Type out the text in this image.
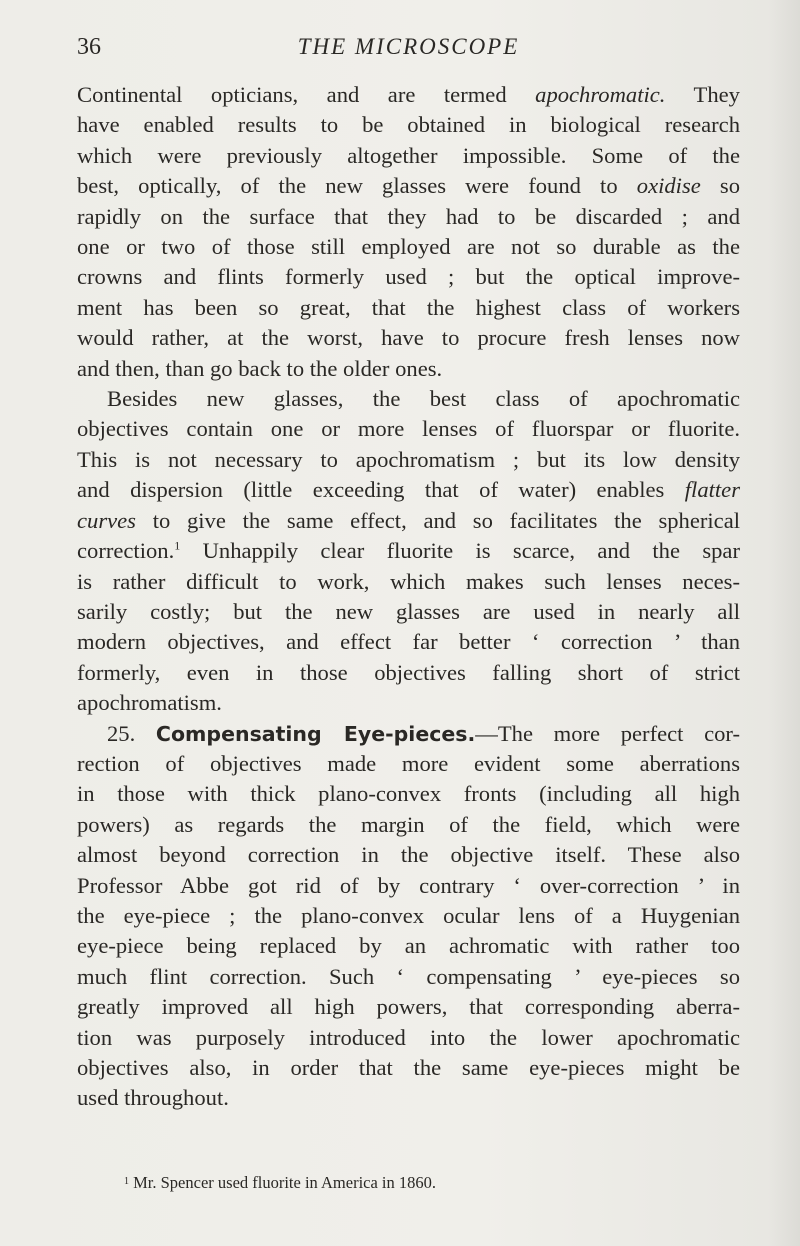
36	THE MICROSCOPE
Continental opticians, and are termed apochromatic. They
have enabled results to be obtained in biological research
which were previously altogether impossible. Some of the
best, optically, of the new glasses were found to oxidise so
rapidly on the surface that they had to be discarded ; and
one or two of those still employed are not so durable as the
crowns and flints formerly used ; but the optical improve-
ment has been so great, that the highest class of workers
would rather, at the worst, have to procure fresh lenses now
and then, than go back to the older ones.
Besides new glasses, the best class of apochromatic
objectives contain one or more lenses of fluorspar or fluorite.
This is not necessary to apochromatism ; but its low density
and dispersion (little exceeding that of water) enables flatter
curves to give the same effect, and so facilitates the spherical
correction.$^1$ Unhappily clear fluorite is scarce, and the spar
is rather difficult to work, which makes such lenses neces-
sarily costly; but the new glasses are used in nearly all
modern objectives, and effect far better ‘ correction ’ than
formerly, even in those objectives falling short of strict
apochromatism.
25. Compensating Eye-pieces.—The more perfect cor-
rection of objectives made more evident some aberrations
in those with thick plano-convex fronts (including all high
powers) as regards the margin of the field, which were
almost beyond correction in the objective itself. These also
Professor Abbe got rid of by contrary ‘ over-correction ’ in
the eye-piece ; the plano-convex ocular lens of a Huygenian
eye-piece being replaced by an achromatic with rather too
much flint correction. Such ‘ compensating ’ eye-pieces so
greatly improved all high powers, that corresponding aberra-
tion was purposely introduced into the lower apochromatic
objectives also, in order that the same eye-pieces might be
used throughout.
$^1$ Mr. Spencer used fluorite in America in 1860.
